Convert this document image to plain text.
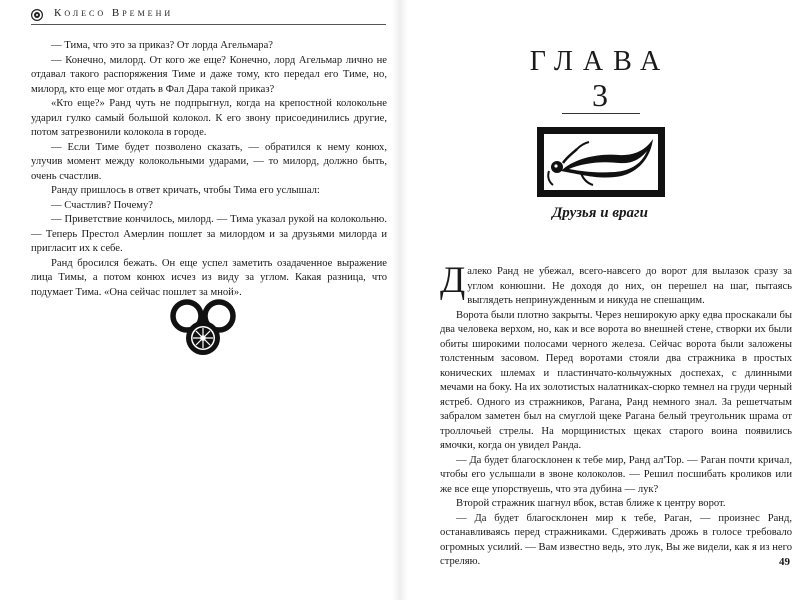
Колесо Времени

— Тима, что это за приказ? От лорда Агельмара?

— Конечно, милорд. От кого же еще? Конечно, лорд Агельмар лично не отдавал такого распоряжения Тиме и даже тому, кто передал его Тиме, но, милорд, кто еще мог отдать в Фал Дара такой приказ?

«Кто еще?» Ранд чуть не подпрыгнул, когда на крепостной колокольне ударил гулко самый большой колокол. К его звону присоединились другие, потом затрезвонили колокола в городе.

— Если Тиме будет позволено сказать, — обратился к нему конюх, улучив момент между колокольными ударами, — то милорд, должно быть, очень счастлив.

Ранду пришлось в ответ кричать, чтобы Тима его услышал:

— Счастлив? Почему?

— Приветствие кончилось, милорд. — Тима указал рукой на колокольню. — Теперь Престол Амерлин пошлет за милордом и за друзьями милорда и пригласит их к себе.

Ранд бросился бежать. Он еще успел заметить озадаченное выражение лица Тимы, а потом конюх исчез из виду за углом. Какая разница, что подумает Тима. «Она сейчас пошлет за мной».

ГЛАВА
3
Друзья и враги

Далеко Ранд не убежал, всего-навсего до ворот для вылазок сразу за углом конюшни. Не доходя до них, он перешел на шаг, пытаясь выглядеть непринужденным и никуда не спешащим.

Ворота были плотно закрыты. Через неширокую арку едва проскакали бы два человека верхом, но, как и все ворота во внешней стене, створки их были обиты широкими полосами черного железа. Сейчас ворота были заложены толстенным засовом. Перед воротами стояли два стражника в простых конических шлемах и пластинчато-кольчужных доспехах, с длинными мечами на боку. На их золотистых налатниках-сюрко темнел на груди черный ястреб. Одного из стражников, Рагана, Ранд немного знал. За решетчатым забралом заметен был на смуглой щеке Рагана белый треугольник шрама от троллочьей стрелы. На морщинистых щеках старого воина появились ямочки, когда он увидел Ранда.

— Да будет благосклонен к тебе мир, Ранд ал'Тор. — Раган почти кричал, чтобы его услышали в звоне колоколов. — Решил посшибать кроликов или же все еще упорствуешь, что эта дубина — лук?

Второй стражник шагнул вбок, встав ближе к центру ворот.

— Да будет благосклонен мир к тебе, Раган, — произнес Ранд, останавливаясь перед стражниками. Сдерживать дрожь в голосе требовало огромных усилий. — Вам известно ведь, это лук, Вы же видели, как я из него стреляю.	49
